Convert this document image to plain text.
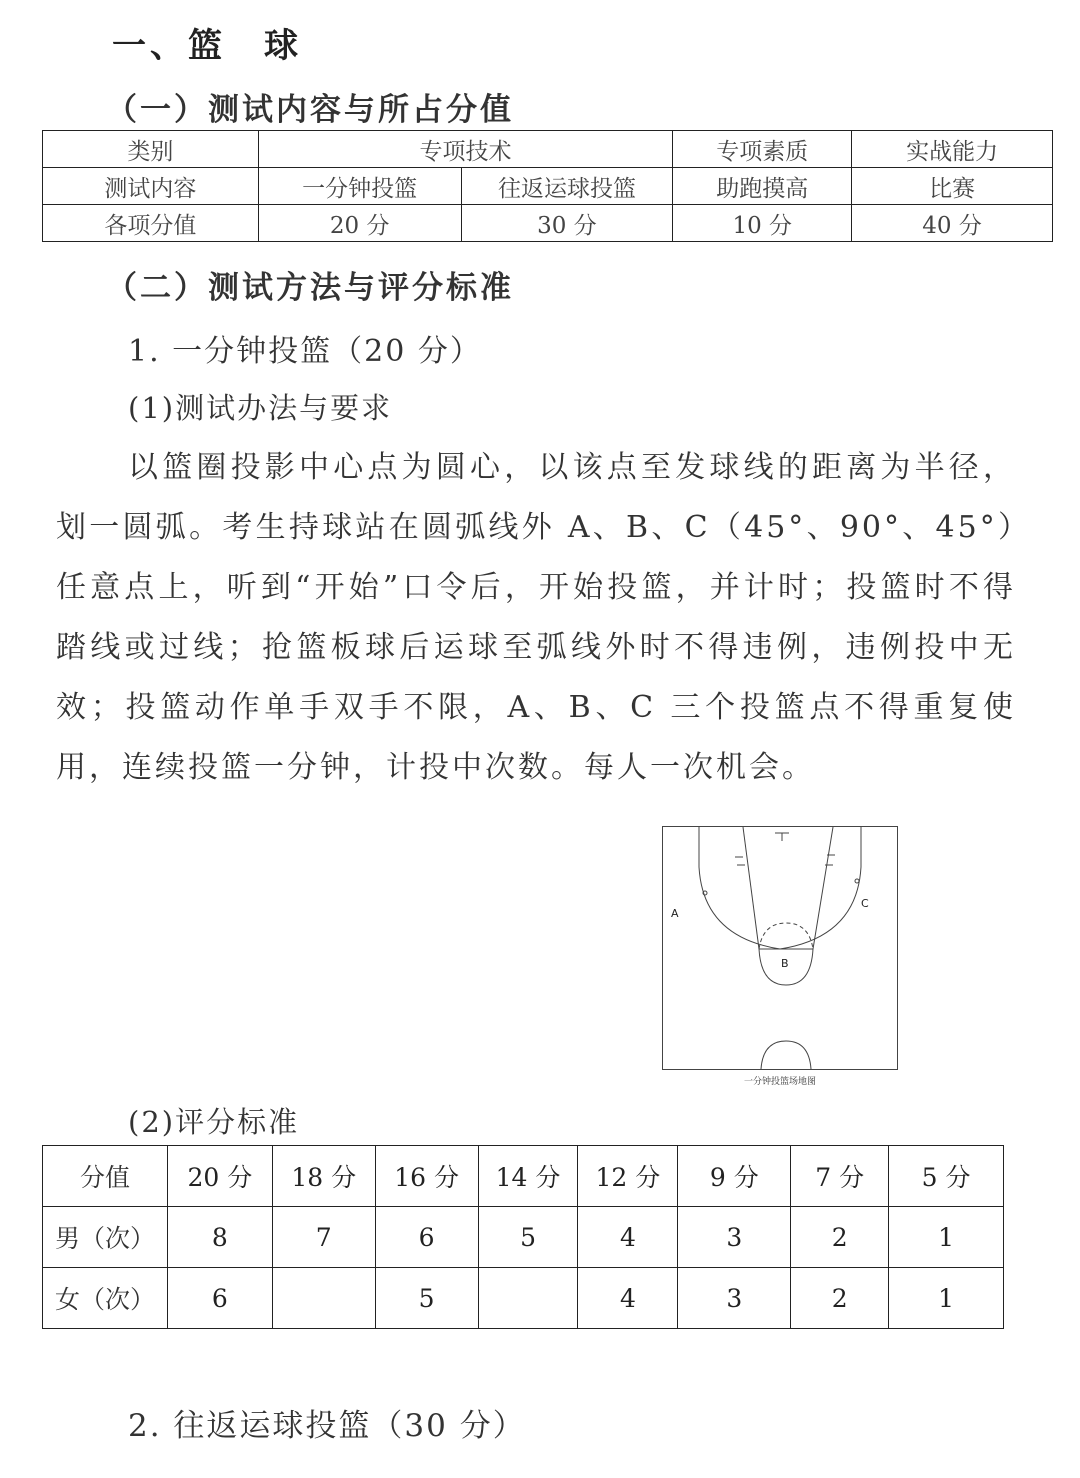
一、篮　球
（一）测试内容与所占分值
类别	专项技术		专项素质	实战能力
测试内容	一分钟投篮	往返运球投篮	助跑摸高	比赛
各项分值	20 分	30 分	10 分	40 分
（二）测试方法与评分标准
1. 一分钟投篮（20 分）
(1)测试办法与要求
以篮圈投影中心点为圆心，以该点至发球线的距离为半径，划一圆弧。考生持球站在圆弧线外 A、B、C（45°、90°、45°）任意点上，听到“开始”口令后，开始投篮，并计时；投篮时不得踏线或过线；抢篮板球后运球至弧线外时不得违例，违例投中无效；投篮动作单手双手不限，A、B、C 三个投篮点不得重复使用，连续投篮一分钟，计投中次数。每人一次机会。
A
B
C
一分钟投篮场地图
(2)评分标准
分值	20 分	18 分	16 分	14 分	12 分	9 分	7 分	5 分
男（次）	8	7	6	5	4	3	2	1
女（次）	6		5		4	3	2	1
2. 往返运球投篮（30 分）
